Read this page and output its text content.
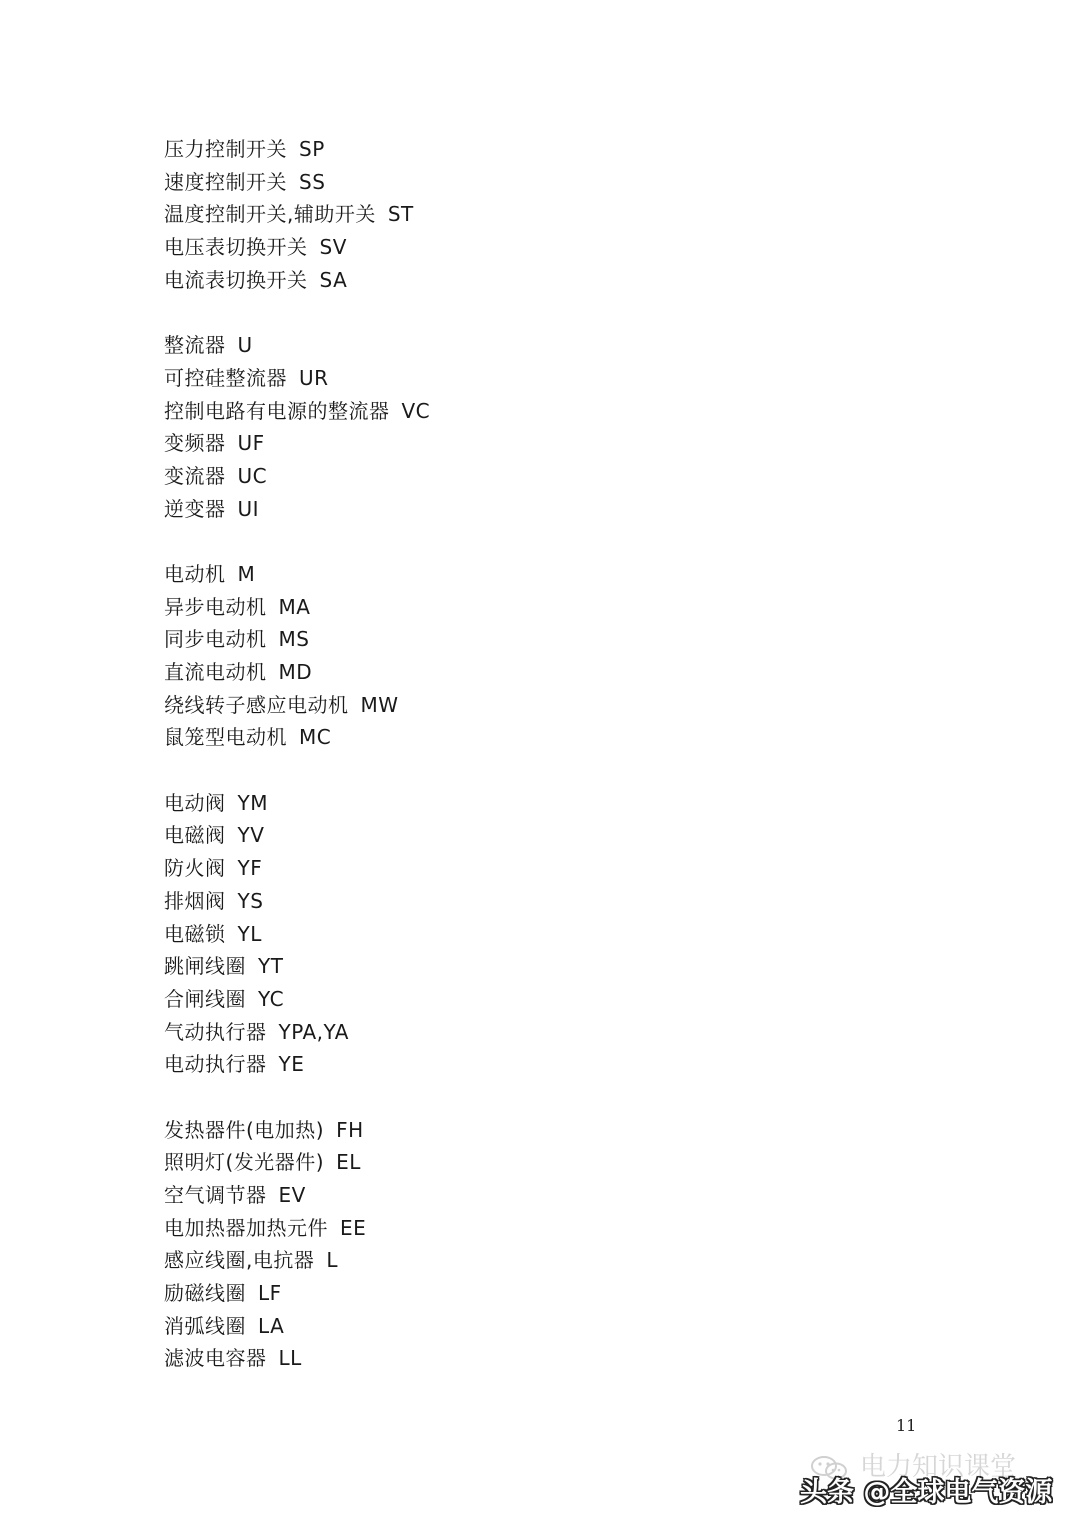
压力控制开关 SP
速度控制开关 SS
温度控制开关,辅助开关 ST
电压表切换开关 SV
电流表切换开关 SA
整流器 U
可控硅整流器 UR
控制电路有电源的整流器 VC
变频器 UF
变流器 UC
逆变器 UI
电动机 M
异步电动机 MA
同步电动机 MS
直流电动机 MD
绕线转子感应电动机 MW
鼠笼型电动机 MC
电动阀 YM
电磁阀 YV
防火阀 YF
排烟阀 YS
电磁锁 YL
跳闸线圈 YT
合闸线圈 YC
气动执行器 YPA,YA
电动执行器 YE
发热器件(电加热) FH
照明灯(发光器件) EL
空气调节器 EV
电加热器加热元件 EE
感应线圈,电抗器 L
励磁线圈 LF
消弧线圈 LA
滤波电容器 LL
11
电力知识课堂
头条 @全球电气资源
